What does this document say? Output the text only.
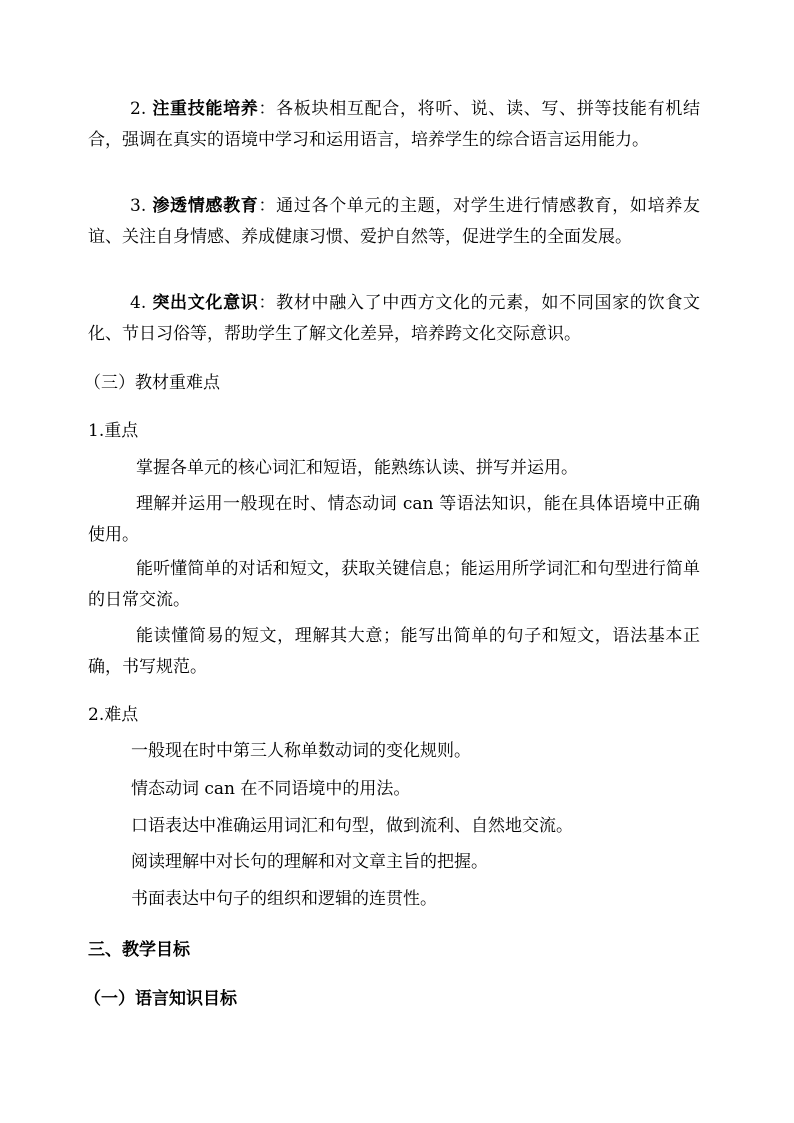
2. 注重技能培养：各板块相互配合，将听、说、读、写、拼等技能有机结合，强调在真实的语境中学习和运用语言，培养学生的综合语言运用能力。

3. 渗透情感教育：通过各个单元的主题，对学生进行情感教育，如培养友谊、关注自身情感、养成健康习惯、爱护自然等，促进学生的全面发展。

4. 突出文化意识：教材中融入了中西方文化的元素，如不同国家的饮食文化、节日习俗等，帮助学生了解文化差异，培养跨文化交际意识。

（三）教材重难点

1.重点

掌握各单元的核心词汇和短语，能熟练认读、拼写并运用。

理解并运用一般现在时、情态动词 can 等语法知识，能在具体语境中正确使用。

能听懂简单的对话和短文，获取关键信息；能运用所学词汇和句型进行简单的日常交流。

能读懂简易的短文，理解其大意；能写出简单的句子和短文，语法基本正确，书写规范。

2.难点

一般现在时中第三人称单数动词的变化规则。

情态动词 can 在不同语境中的用法。

口语表达中准确运用词汇和句型，做到流利、自然地交流。

阅读理解中对长句的理解和对文章主旨的把握。

书面表达中句子的组织和逻辑的连贯性。

三、教学目标

（一）语言知识目标
